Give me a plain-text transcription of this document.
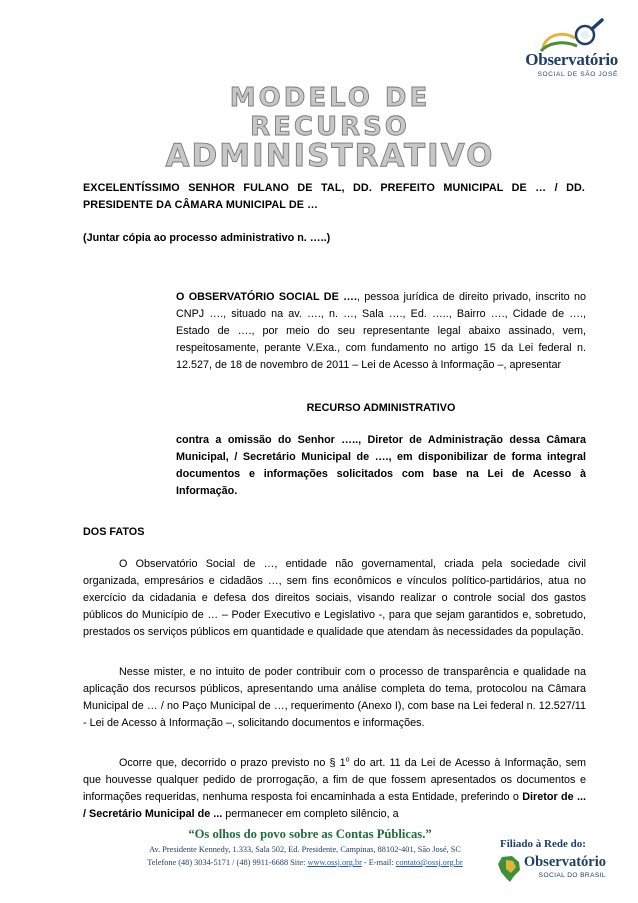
Observatório
SOCIAL DE SÃO JOSÉ
MODELO DE
RECURSO
ADMINISTRATIVO
EXCELENTÍSSIMO SENHOR FULANO DE TAL, DD. PREFEITO MUNICIPAL DE … / DD. PRESIDENTE DA CÂMARA MUNICIPAL DE …
(Juntar cópia ao processo administrativo n. …..)
O OBSERVATÓRIO SOCIAL DE …., pessoa jurídica de direito privado, inscrito no CNPJ …., situado na av. …., n. …, Sala …., Ed. ….., Bairro …., Cidade de …., Estado de …., por meio do seu representante legal abaixo assinado, vem, respeitosamente, perante V.Exa., com fundamento no artigo 15 da Lei federal n. 12.527, de 18 de novembro de 2011 – Lei de Acesso à Informação –, apresentar
RECURSO ADMINISTRATIVO
contra a omissão do Senhor ….., Diretor de Administração dessa Câmara Municipal, / Secretário Municipal de …., em disponibilizar de forma integral documentos e informações solicitados com base na Lei de Acesso à Informação.
DOS FATOS
O Observatório Social de …, entidade não governamental, criada pela sociedade civil organizada, empresários e cidadãos …, sem fins econômicos e vínculos político-partidários, atua no exercício da cidadania e defesa dos direitos sociais, visando realizar o controle social dos gastos públicos do Município de … – Poder Executivo e Legislativo -, para que sejam garantidos e, sobretudo, prestados os serviços públicos em quantidade e qualidade que atendam às necessidades da população.
Nesse mister, e no intuito de poder contribuir com o processo de transparência e qualidade na aplicação dos recursos públicos, apresentando uma análise completa do tema, protocolou na Câmara Municipal de … / no Paço Municipal de …, requerimento (Anexo I), com base na Lei federal n. 12.527/11 - Lei de Acesso à Informação –, solicitando documentos e informações.
Ocorre que, decorrido o prazo previsto no § 1$^o$ do art. 11 da Lei de Acesso à Informação, sem que houvesse qualquer pedido de prorrogação, a fim de que fossem apresentados os documentos e informações requeridas, nenhuma resposta foi encaminhada a esta Entidade, preferindo o Diretor de ... / Secretário Municipal de ... permanecer em completo silêncio, a
“Os olhos do povo sobre as Contas Públicas.”
Av. Presidente Kennedy, 1.333, Sala 502, Ed. Presidente, Campinas, 88102-401, São José, SC
Telefone (48) 3034-5171 / (48) 9911-6688 Site: www.ossj.org.br - E-mail: contato@ossj.org.br
Filiado à Rede do:
Observatório
SOCIAL DO BRASIL
